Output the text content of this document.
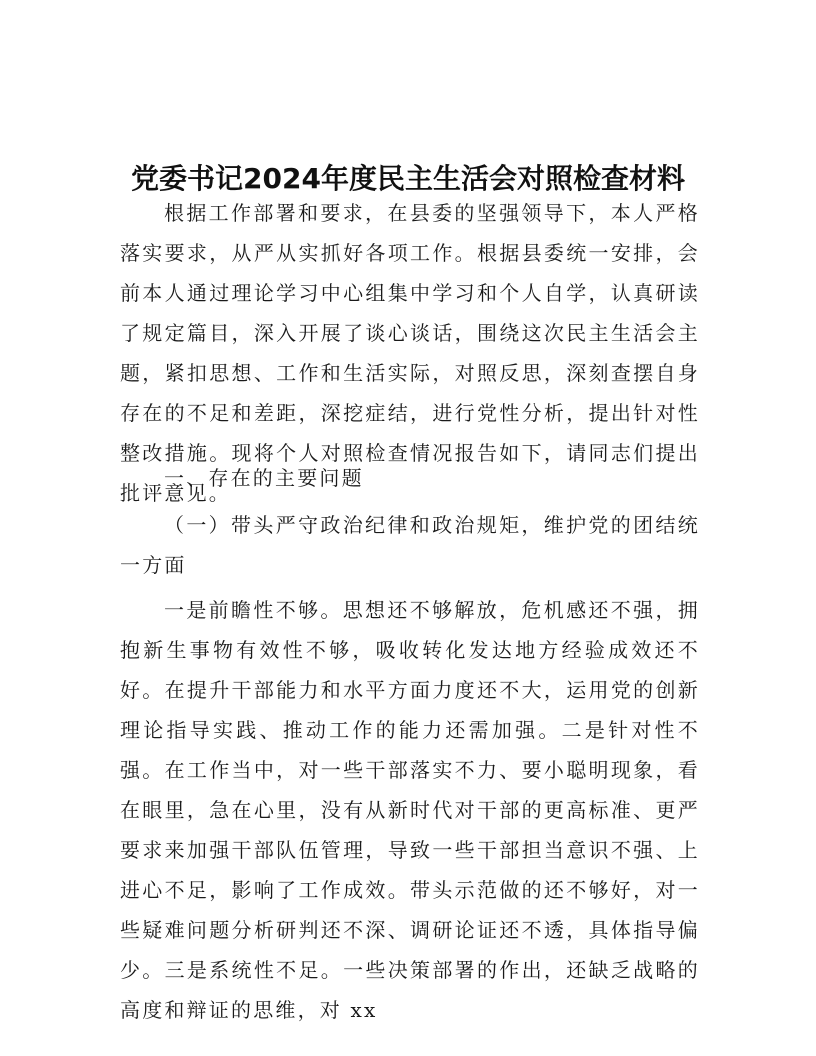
党委书记2024年度民主生活会对照检查材料

根据工作部署和要求，在县委的坚强领导下，本人严格落实要求，从严从实抓好各项工作。根据县委统一安排，会前本人通过理论学习中心组集中学习和个人自学，认真研读了规定篇目，深入开展了谈心谈话，围绕这次民主生活会主题，紧扣思想、工作和生活实际，对照反思，深刻查摆自身存在的不足和差距，深挖症结，进行党性分析，提出针对性整改措施。现将个人对照检查情况报告如下，请同志们提出批评意见。

一、存在的主要问题

（一）带头严守政治纪律和政治规矩，维护党的团结统一方面

一是前瞻性不够。思想还不够解放，危机感还不强，拥抱新生事物有效性不够，吸收转化发达地方经验成效还不好。在提升干部能力和水平方面力度还不大，运用党的创新理论指导实践、推动工作的能力还需加强。二是针对性不强。在工作当中，对一些干部落实不力、要小聪明现象，看在眼里，急在心里，没有从新时代对干部的更高标准、更严要求来加强干部队伍管理，导致一些干部担当意识不强、上进心不足，影响了工作成效。带头示范做的还不够好，对一些疑难问题分析研判还不深、调研论证还不透，具体指导偏少。三是系统性不足。一些决策部署的作出，还缺乏战略的高度和辩证的思维，对 xx
